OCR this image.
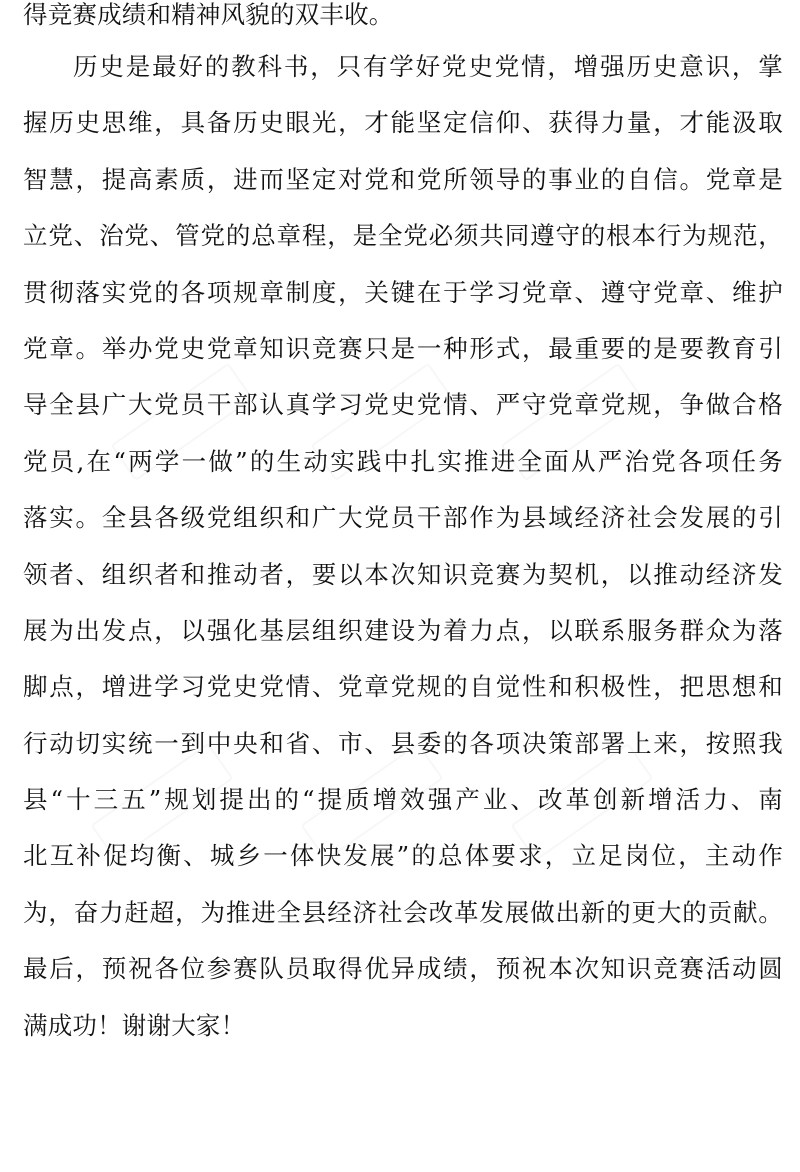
得竞赛成绩和精神风貌的双丰收。
历史是最好的教科书，只有学好党史党情，增强历史意识，掌
握历史思维，具备历史眼光，才能坚定信仰、获得力量，才能汲取
智慧，提高素质，进而坚定对党和党所领导的事业的自信。党章是
立党、治党、管党的总章程，是全党必须共同遵守的根本行为规范，
贯彻落实党的各项规章制度，关键在于学习党章、遵守党章、维护
党章。举办党史党章知识竞赛只是一种形式，最重要的是要教育引
导全县广大党员干部认真学习党史党情、严守党章党规，争做合格
党员,在“两学一做”的生动实践中扎实推进全面从严治党各项任务
落实。全县各级党组织和广大党员干部作为县域经济社会发展的引
领者、组织者和推动者，要以本次知识竞赛为契机，以推动经济发
展为出发点，以强化基层组织建设为着力点，以联系服务群众为落
脚点，增进学习党史党情、党章党规的自觉性和积极性，把思想和
行动切实统一到中央和省、市、县委的各项决策部署上来，按照我
县“十三五”规划提出的“提质增效强产业、改革创新增活力、南
北互补促均衡、城乡一体快发展”的总体要求，立足岗位，主动作
为，奋力赶超，为推进全县经济社会改革发展做出新的更大的贡献。
最后，预祝各位参赛队员取得优异成绩，预祝本次知识竞赛活动圆
满成功！谢谢大家！
